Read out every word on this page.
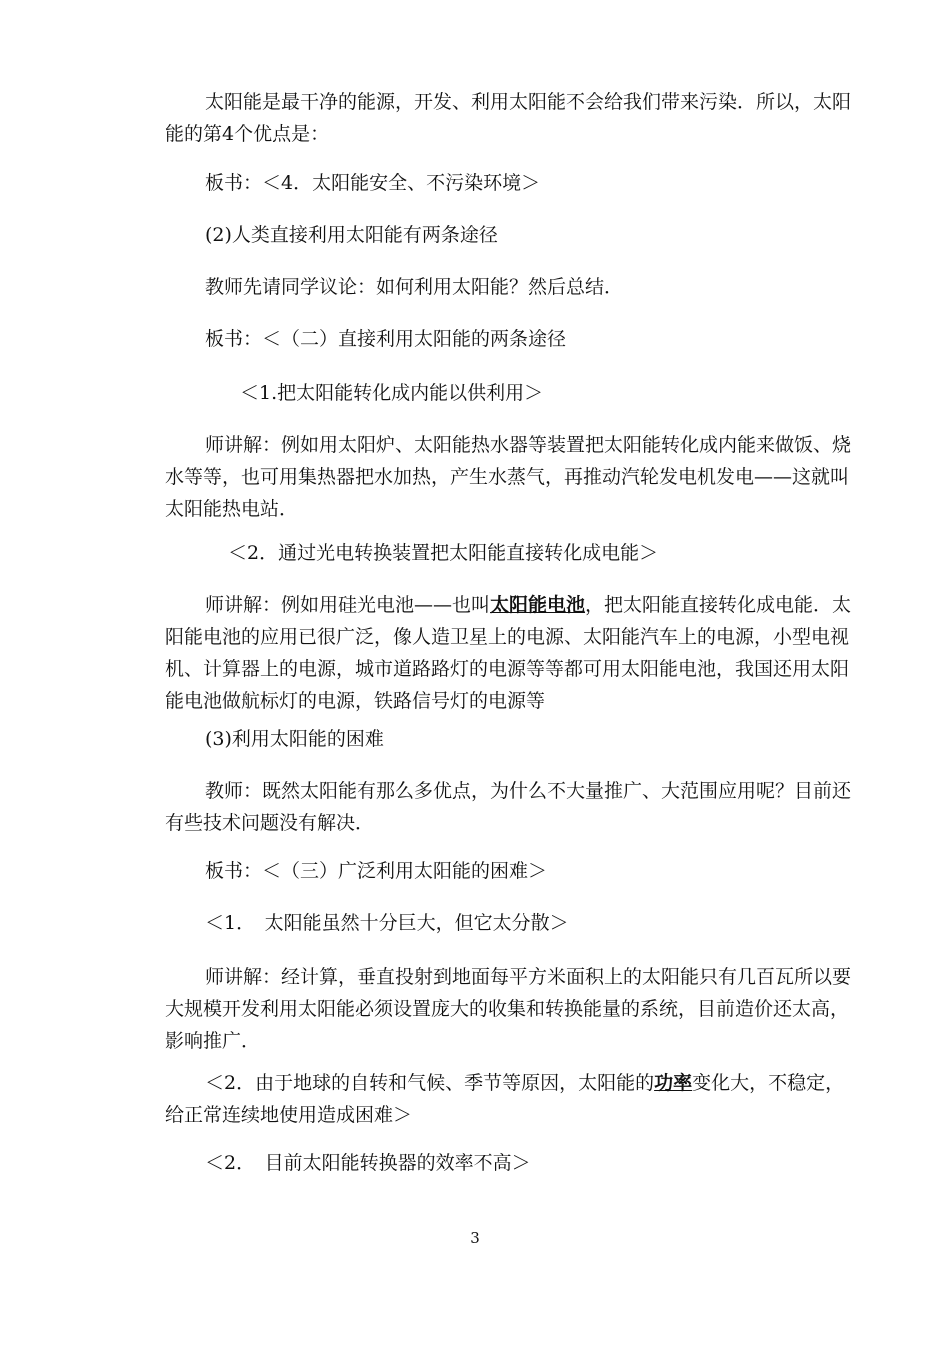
太阳能是最干净的能源，开发、利用太阳能不会给我们带来污染．所以，太阳能的第4个优点是：

板书：＜4．太阳能安全、不污染环境＞

(2)人类直接利用太阳能有两条途径

教师先请同学议论：如何利用太阳能？然后总结．

板书：＜（二）直接利用太阳能的两条途径

＜1.把太阳能转化成内能以供利用＞

师讲解：例如用太阳炉、太阳能热水器等装置把太阳能转化成内能来做饭、烧水等等，也可用集热器把水加热，产生水蒸气，再推动汽轮发电机发电——这就叫太阳能热电站．

＜2．通过光电转换装置把太阳能直接转化成电能＞

师讲解：例如用硅光电池——也叫太阳能电池，把太阳能直接转化成电能．太阳能电池的应用已很广泛，像人造卫星上的电源、太阳能汽车上的电源，小型电视机、计算器上的电源，城市道路路灯的电源等等都可用太阳能电池，我国还用太阳能电池做航标灯的电源，铁路信号灯的电源等

(3)利用太阳能的困难

教师：既然太阳能有那么多优点，为什么不大量推广、大范围应用呢？目前还有些技术问题没有解决．

板书：＜（三）广泛利用太阳能的困难＞

＜1．　太阳能虽然十分巨大，但它太分散＞

师讲解：经计算，垂直投射到地面每平方米面积上的太阳能只有几百瓦所以要大规模开发利用太阳能必须设置庞大的收集和转换能量的系统，目前造价还太高，影响推广．

＜2．由于地球的自转和气候、季节等原因，太阳能的功率变化大，不稳定，给正常连续地使用造成困难＞

＜2．　目前太阳能转换器的效率不高＞

3
